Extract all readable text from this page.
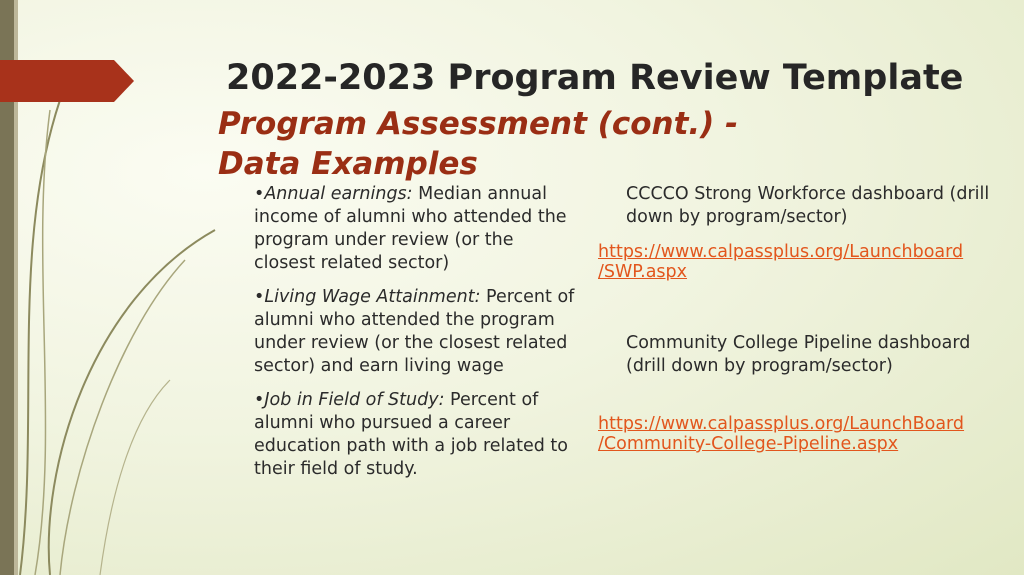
2022-2023 Program Review Template
Program Assessment (cont.) -
Data Examples

•Annual earnings: Median annual income of alumni who attended the program under review (or the closest related sector)

•Living Wage Attainment: Percent of alumni who attended the program under review (or the closest related sector) and earn living wage

•Job in Field of Study: Percent of alumni who pursued a career education path with a job related to their field of study.

CCCCO Strong Workforce dashboard (drill down by program/sector)

https://www.calpassplus.org/Launchboard
/SWP.aspx

Community College Pipeline dashboard (drill down by program/sector)

https://www.calpassplus.org/LaunchBoard
/Community-College-Pipeline.aspx
